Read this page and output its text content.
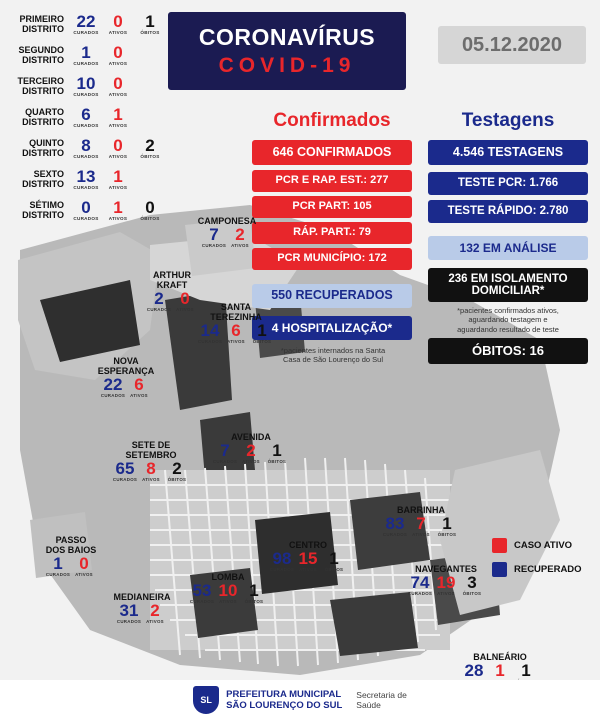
CORONAVÍRUS
COVID-19
05.12.2020
PRIMEIRO
DISTRITO 22
CURADOS
0
ATIVOS
1
ÓBITOS
SEGUNDO
DISTRITO	1
CURADOS
0
ATIVOS
TERCEIRO
DISTRITO 10
CURADOS
0
ATIVOS
QUARTO
DISTRITO	6
CURADOS
1
ATIVOS
QUINTO
DISTRITO	8
CURADOS
0
ATIVOS
2
ÓBITOS
SEXTO
DISTRITO 13
CURADOS
1
ATIVOS
SÉTIMO
DISTRITO	0
CURADOS
1
ATIVOS
0
ÓBITOS
Confirmados
646 CONFIRMADOS
PCR E RAP. EST.: 277
PCR PART: 105
RÁP. PART.: 79
PCR MUNICÍPIO: 172
550 RECUPERADOS
4 HOSPITALIZAÇÃO*
*pacientes internados na Santa
Casa de São Lourenço do Sul
Testagens
4.546 TESTAGENS
TESTE PCR: 1.766
TESTE RÁPIDO: 2.780
132 EM ANÁLISE
236 EM ISOLAMENTO
DOMICILIAR*
*pacientes confirmados ativos,
aguardando testagem e
aguardando resultado de teste
ÓBITOS: 16
CAMPONESA
7
CURADOS
2
ATIVOS
ARTHUR
KRAFT
2
CURADOS
0
ATIVOS	SANTA
TEREZINHA
14
CURADOS
6
ATIVOS
1
ÓBITOS
NOVA
ESPERANÇA
22
CURADOS
6
ATIVOS
SETE DE
SETEMBRO
65
CURADOS
8
ATIVOS
2
ÓBITOS
AVENIDA
7
CURADOS
2
ATIVOS
1
ÓBITOS
BARRINHA
83
CURADOS
7
ATIVOS
1
ÓBITOS
CENTRO
98
CURADOS
15
ATIVOS
1
ÓBITOS
PASSO
DOS BAIOS
1
CURADOS
0
ATIVOS	LOMBA
53
CURADOS
10
ATIVOS
1
ÓBITOS
MEDIANEIRA
31
CURADOS
2
ATIVOS
NAVEGANTES
74
CURADOS
19
ATIVOS
3
ÓBITOS
BALNEÁRIO
28 1 1
CASO ATIVO
RECUPERADO
SL	PREFEITURA MUNICIPAL
SÃO LOURENÇO DO SUL
Secretaria de
Saúde
